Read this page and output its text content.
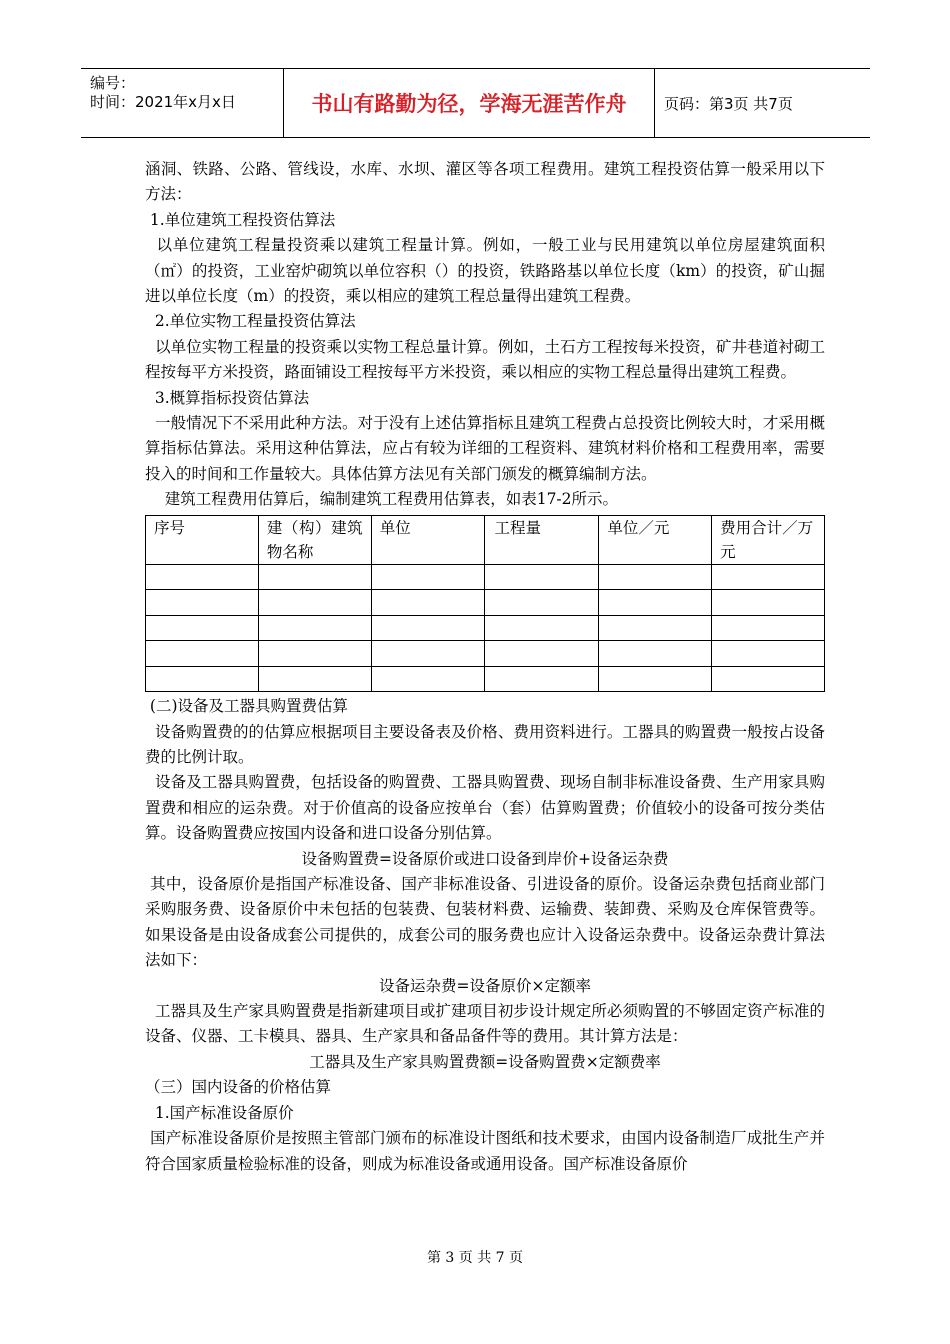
编号：
时间：2021年x月x日	书山有路勤为径，学海无涯苦作舟	页码：第3页 共7页

涵洞、铁路、公路、管线设，水库、水坝、灌区等各项工程费用。建筑工程投资估算一般采用以下方法：

1.单位建筑工程投资估算法

以单位建筑工程量投资乘以建筑工程量计算。例如，一般工业与民用建筑以单位房屋建筑面积（㎡）的投资，工业窑炉砌筑以单位容积（）的投资，铁路路基以单位长度（km）的投资，矿山掘进以单位长度（m）的投资，乘以相应的建筑工程总量得出建筑工程费。

2.单位实物工程量投资估算法

以单位实物工程量的投资乘以实物工程总量计算。例如，土石方工程按每米投资，矿井巷道衬砌工程按每平方米投资，路面铺设工程按每平方米投资，乘以相应的实物工程总量得出建筑工程费。

3.概算指标投资估算法

一般情况下不采用此种方法。对于没有上述估算指标且建筑工程费占总投资比例较大时，才采用概算指标估算法。采用这种估算法，应占有较为详细的工程资料、建筑材料价格和工程费用率，需要投入的时间和工作量较大。具体估算方法见有关部门颁发的概算编制方法。

建筑工程费用估算后，编制建筑工程费用估算表，如表17-2所示。

序号	建（构）建筑物名称	单位	工程量	单位／元	费用合计／万元

(二)设备及工器具购置费估算

设备购置费的的估算应根据项目主要设备表及价格、费用资料进行。工器具的购置费一般按占设备费的比例计取。

设备及工器具购置费，包括设备的购置费、工器具购置费、现场自制非标准设备费、生产用家具购置费和相应的运杂费。对于价值高的设备应按单台（套）估算购置费；价值较小的设备可按分类估算。设备购置费应按国内设备和进口设备分别估算。

设备购置费=设备原价或进口设备到岸价+设备运杂费

其中，设备原价是指国产标准设备、国产非标准设备、引进设备的原价。设备运杂费包括商业部门采购服务费、设备原价中未包括的包装费、包装材料费、运输费、装卸费、采购及仓库保管费等。如果设备是由设备成套公司提供的，成套公司的服务费也应计入设备运杂费中。设备运杂费计算法法如下：

设备运杂费=设备原价×定额率

工器具及生产家具购置费是指新建项目或扩建项目初步设计规定所必须购置的不够固定资产标准的设备、仪器、工卡模具、器具、生产家具和备品备件等的费用。其计算方法是：

工器具及生产家具购置费额=设备购置费×定额费率

（三）国内设备的价格估算

1.国产标准设备原价

国产标准设备原价是按照主管部门颁布的标准设计图纸和技术要求，由国内设备制造厂成批生产并符合国家质量检验标准的设备，则成为标准设备或通用设备。国产标准设备原价

第 3 页 共 7 页
